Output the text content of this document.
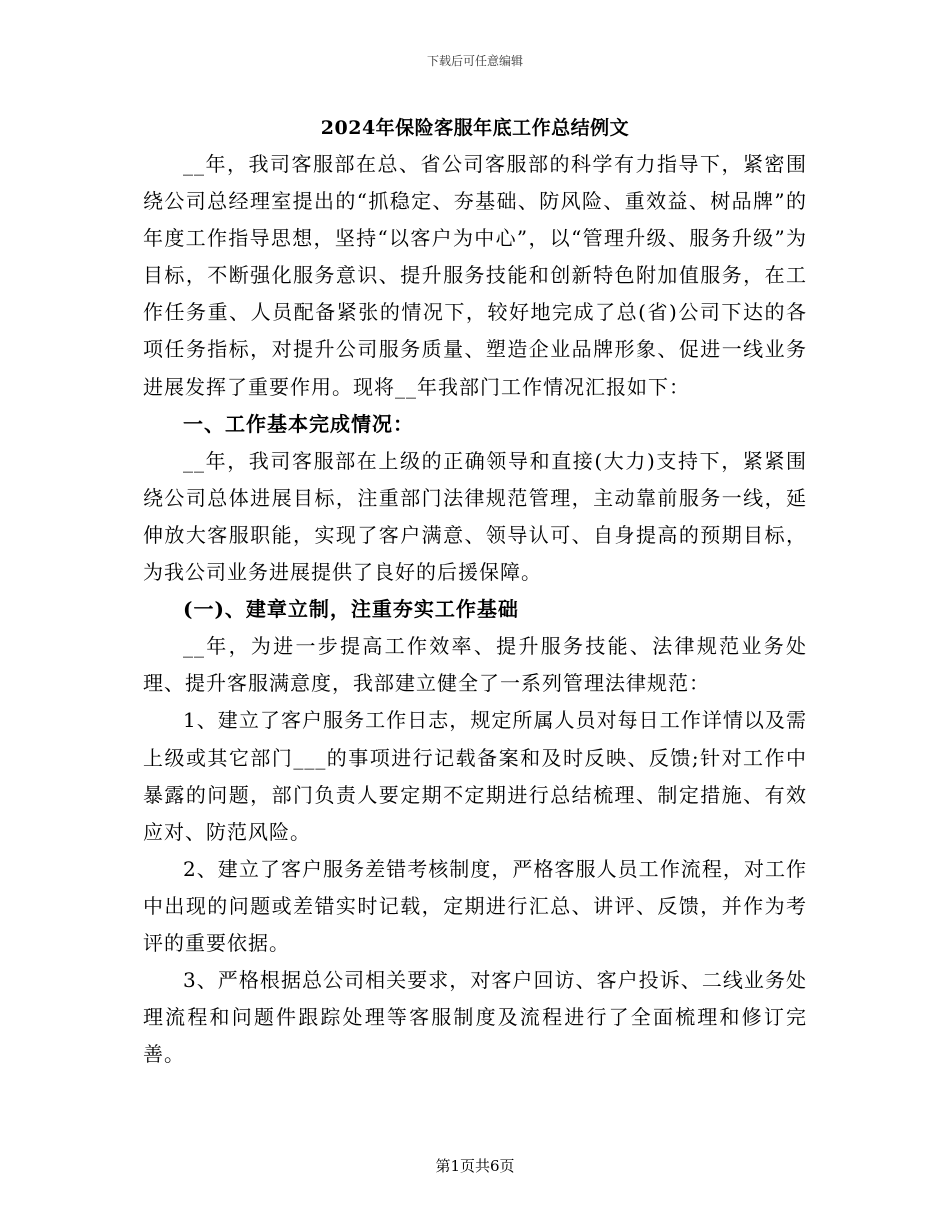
下载后可任意编辑
2024年保险客服年底工作总结例文

__年，我司客服部在总、省公司客服部的科学有力指导下，紧密围绕公司总经理室提出的“抓稳定、夯基础、防风险、重效益、树品牌”的年度工作指导思想，坚持“以客户为中心”，以“管理升级、服务升级”为目标，不断强化服务意识、提升服务技能和创新特色附加值服务，在工作任务重、人员配备紧张的情况下，较好地完成了总(省)公司下达的各项任务指标，对提升公司服务质量、塑造企业品牌形象、促进一线业务进展发挥了重要作用。现将__年我部门工作情况汇报如下：

一、工作基本完成情况：

__年，我司客服部在上级的正确领导和直接(大力)支持下，紧紧围绕公司总体进展目标，注重部门法律规范管理，主动靠前服务一线，延伸放大客服职能，实现了客户满意、领导认可、自身提高的预期目标，为我公司业务进展提供了良好的后援保障。

(一)、建章立制，注重夯实工作基础

__年，为进一步提高工作效率、提升服务技能、法律规范业务处理、提升客服满意度，我部建立健全了一系列管理法律规范：

1、建立了客户服务工作日志，规定所属人员对每日工作详情以及需上级或其它部门___的事项进行记载备案和及时反映、反馈;针对工作中暴露的问题，部门负责人要定期不定期进行总结梳理、制定措施、有效应对、防范风险。

2、建立了客户服务差错考核制度，严格客服人员工作流程，对工作中出现的问题或差错实时记载，定期进行汇总、讲评、反馈，并作为考评的重要依据。

3、严格根据总公司相关要求，对客户回访、客户投诉、二线业务处理流程和问题件跟踪处理等客服制度及流程进行了全面梳理和修订完善。

第1页共6页
